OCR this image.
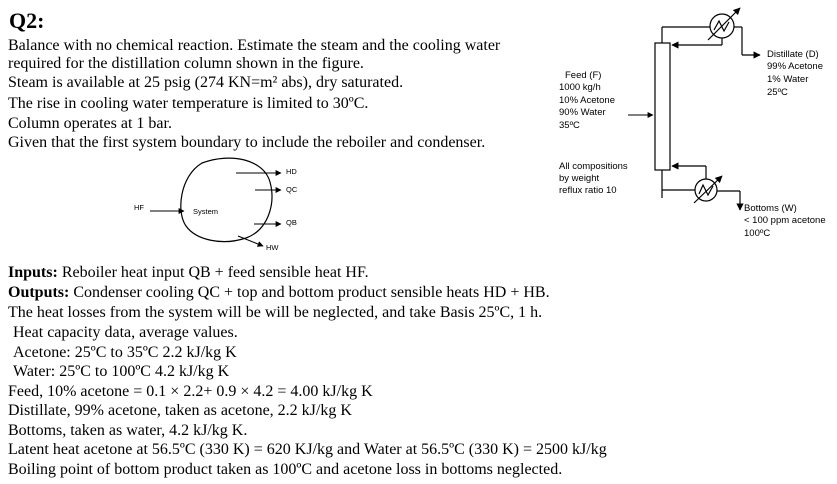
Q2:
Balance with no chemical reaction. Estimate the steam and the cooling water
required for the distillation column shown in the figure.
Steam is available at 25 psig (274 KN=m² abs), dry saturated.
The rise in cooling water temperature is limited to 30ºC.
Column operates at 1 bar.
Given that the first system boundary to include the reboiler and condenser.
System
HF
HD
QC
QB
HW
Feed (F)
1000 kg/h
10% Acetone
90% Water
35ºC
All compositions
by weight
reflux ratio 10
Distillate (D)
99% Acetone
1% Water
25ºC
Bottoms (W)
< 100 ppm acetone
100ºC
Inputs: Reboiler heat input QB + feed sensible heat HF.
Outputs: Condenser cooling QC + top and bottom product sensible heats HD + HB.
The heat losses from the system will be will be neglected, and take Basis 25ºC, 1 h.
Heat capacity data, average values.
Acetone: 25ºC to 35ºC 2.2 kJ/kg K
Water: 25ºC to 100ºC 4.2 kJ/kg K
Feed, 10% acetone = 0.1 × 2.2+ 0.9 × 4.2 = 4.00 kJ/kg K
Distillate, 99% acetone, taken as acetone, 2.2 kJ/kg K
Bottoms, taken as water, 4.2 kJ/kg K.
Latent heat acetone at 56.5ºC (330 K) = 620 KJ/kg and Water at 56.5ºC (330 K) = 2500 kJ/kg
Boiling point of bottom product taken as 100ºC and acetone loss in bottoms neglected.
